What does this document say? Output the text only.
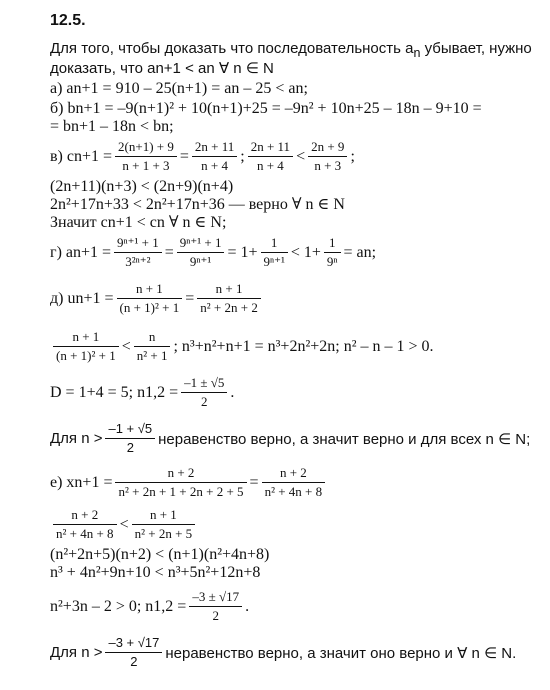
12.5.
Для того, чтобы доказать что последовательность $a_n$ убывает, нужно
доказать, что an+1 < an ∀ n ∈ N
а) an+1 = 910 – 25(n+1) = an – 25 < an;
б) bn+1 = –9(n+1)² + 10(n+1)+25 = –9n² + 10n+25 – 18n – 9+10 =
= bn+1 – 18n < bn;
в) $cn+1 = \frac{2(n+1) + 9}{n + 1 + 3} = \frac{2n + 11}{n + 4}$ ; $\frac{2n + 11}{n + 4} < \frac{2n + 9}{n + 3}$ ;
(2n+11)(n+3) < (2n+9)(n+4)
2n²+17n+33 < 2n²+17n+36 — верно ∀ n ∈ N
Значит cn+1 < cn ∀ n ∈ N;
г) $an+1 = \frac{\text{9ⁿ⁺¹ + 1}}{\text{3²ⁿ⁺²}} = \frac{\text{9ⁿ⁺¹ + 1}}{\text{9ⁿ⁺¹}} = 1+ \frac{1}{\text{9ⁿ⁺¹}} < 1+ \frac{1}{\text{9ⁿ}}$ = an;
д) $un+1 = \frac{n + 1}{\text{(n + 1)² + 1}} = \frac{n + 1}{\text{n² + 2n + 2}}$
$\frac{n + 1}{\text{(n + 1)² + 1}} < \frac{n}{\text{n² + 1}}$ ; n³+n²+n+1 = n³+2n²+2n; n² – n – 1 > 0.
D = 1+4 = 5; $n1,2 = \frac{-1 \pm √5}{2}$ .
Для $n > \frac{-1 + √5}{2}$ неравенство верно, а значит верно и для всех n ∈ N;
е) $xn+1 = \frac{n + 2}{\text{n² + 2n + 1 + 2n + 2 + 5}} = \frac{n + 2}{\text{n² + 4n + 8}}$
$\frac{n + 2}{\text{n² + 4n + 8}} < \frac{n + 1}{\text{n² + 2n + 5}}$
(n²+2n+5)(n+2) < (n+1)(n²+4n+8)
n³ + 4n²+9n+10 < n³+5n²+12n+8
n²+3n – 2 > 0; $n1,2 = \frac{-3 \pm √17}{2}$ .
Для $n > \frac{-3 + √17}{2}$ неравенство верно, а значит оно верно и ∀ n ∈ N.
